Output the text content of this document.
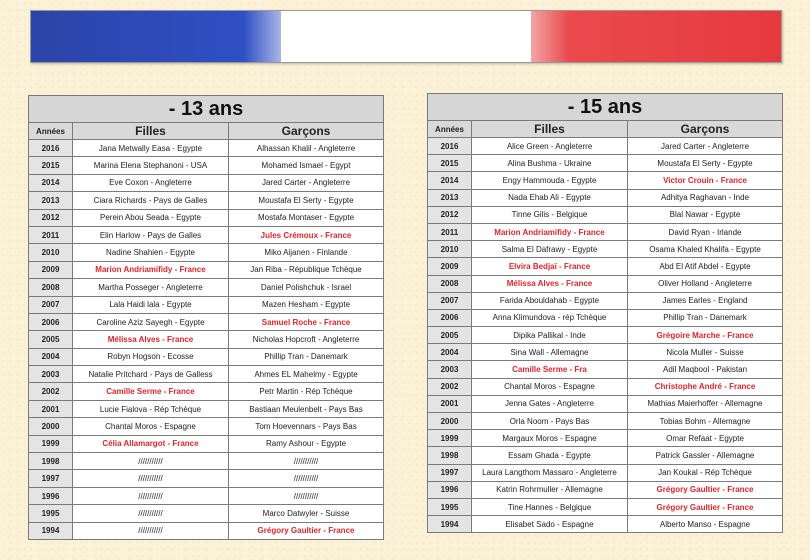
- 13 ans		
Années	Filles	Garçons
2016	Jana Metwally Easa - Egypte	Alhassan Khalil - Angleterre
2015	Marina Elena Stephanoni - USA	Mohamed Ismael - Egypt
2014	Eve Coxon - Angleterre	Jared Carter - Angleterre
2013	Ciara Richards - Pays de Galles	Moustafa El Serty - Egypte
2012	Perein Abou Seada - Egypte	Mostafa Montaser - Egypte
2011	Elin Harlow - Pays de Galles	Jules Crémoux - France
2010	Nadine Shahien - Egypte	Miko Aijanen - Finlande
2009	Marion Andriamifidy - France	Jan Riba - République Tchèque
2008	Martha Posseger - Angleterre	Daniel Polishchuk - Israel
2007	Lala Haidi lala - Egypte	Mazen Hesham - Egypte
2006	Caroline Aziz Sayegh - Egypte	Samuel Roche - France
2005	Mélissa Alves - France	Nicholas Hopcroft - Angleterre
2004	Robyn Hogson - Ecosse	Phillip Tran - Danemark
2003	Natalie Pritchard - Pays de Galless	Ahmes EL Mahelmy - Egypte
2002	Camille Serme - France	Petr Martin - Rép Tchèque
2001	Lucie Fialova - Rép Tchèque	Bastiaan Meulenbelt - Pays Bas
2000	Chantal Moros - Espagne	Tom Hoevennars - Pays Bas
1999	Célia Allamargot - France	Ramy Ashour - Egypte
1998	///////////	///////////
1997	///////////	///////////
1996	///////////	///////////
1995	///////////	Marco Datwyler - Suisse
1994	///////////	Grégory Gaultier - France
- 15 ans		
Années	Filles	Garçons
2016	Alice Green - Angleterre	Jared Carter - Angleterre
2015	Alina Bushma - Ukraine	Moustafa El Serty - Egypte
2014	Engy Hammouda - Egypte	Victor Crouin - France
2013	Nada Ehab Ali - Egypte	Adhitya Raghavan - Inde
2012	Tinne Gilis - Belgique	Blal Nawar - Egypte
2011	Marion Andriamifidy - France	David Ryan - Irlande
2010	Salma El Dafrawy - Egypte	Osama Khaled Khalifa - Egypte
2009	Elvira Bedjaï - France	Abd El Atif Abdel - Egypte
2008	Mélissa Alves - France	Oliver Holland - Angleterre
2007	Farida Abouldahab - Egypte	James Earles - England
2006	Anna Klimundova - rép Tchèque	Phillip Tran - Danemark
2005	Dipika Pallikal - Inde	Grégoire Marche - France
2004	Sina Wall - Allemagne	Nicola Muller - Suisse
2003	Camille Serme - Fra	Adil Maqbool - Pakistan
2002	Chantal Moros - Espagne	Christophe André - France
2001	Jenna Gates - Angleterre	Mathias Maierhoffer - Allemagne
2000	Orla Noom - Pays Bas	Tobias Bohm - Allemagne
1999	Margaux Moros - Espagne	Omar Refaat - Egypte
1998	Essam Ghada - Egypte	Patrick Gassler - Allemagne
1997	Laura Langthom Massaro - Angleterre	Jan Koukal - Rép Tchèque
1996	Katrin Rohrmuller - Allemagne	Grégory Gaultier - France
1995	Tine Hannes - Belgique	Grégory Gaultier - France
1994	Elisabet Sado - Espagne	Alberto Manso - Espagne
